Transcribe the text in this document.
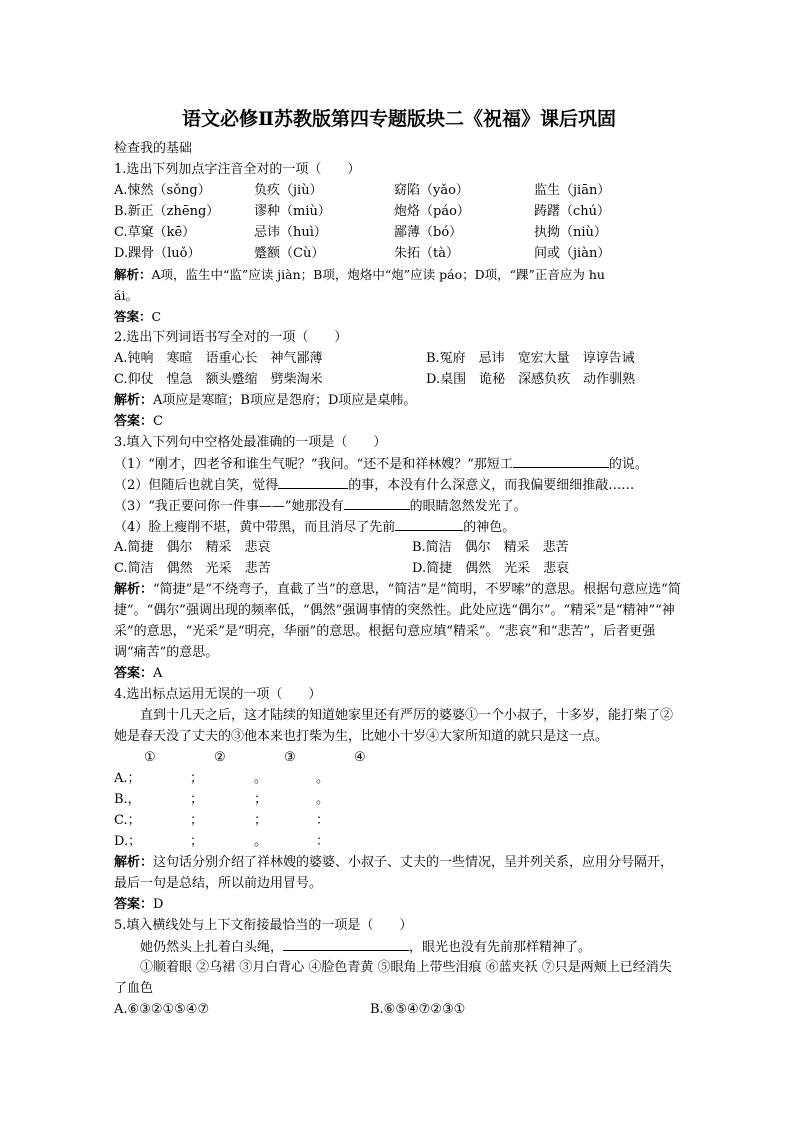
语文必修Ⅱ苏教版第四专题版块二《祝福》课后巩固
检查我的基础
1.选出下列加点字注音全对的一项（　　）
A.悚然（sǒng）	负疚（jiù）	窈陷（yǎo）	监生（jiān）
B.新正（zhēng）	谬种（miù）	炮烙（páo）	踌躇（chú）
C.草窠（kē）	忌讳（huì）	鄙薄（bó）	执拗（niù）
D.踝骨（luǒ）	蹙额（Cù）	朱拓（tà）	间或（jiàn）
解析：A项，监生中“监”应读 jiàn；B项，炮烙中“炮”应读 páo；D项，“踝”正音应为 hu
ái。
答案：C
2.选出下列词语书写全对的一项（　　）
A.钝响　寒暄　语重心长　神气鄙薄	B.冤府　忌讳　宽宏大量　谆谆告诫
C.仰仗　惶急　额头蹙缩　劈柴淘米	D.桌围　诡秘　深感负疚　动作驯熟
解析：A项应是寒暄；B项应是怨府；D项应是桌帏。
答案：C
3.填入下列句中空格处最准确的一项是（　　）
（1）“刚才，四老爷和谁生气呢？”我问。“还不是和祥林嫂？”那短工	的说。
（2）但随后也就自笑，觉得	的事，本没有什么深意义，而我偏要细细推敲……
（3）“我正要问你一件事——”她那没有	的眼睛忽然发光了。
（4）脸上瘦削不堪，黄中带黑，而且消尽了先前	的神色。
A.简捷　偶尔　精采　悲哀	B.简洁　偶尔　精采　悲苦
C.简洁　偶然　光采　悲苦	D.简捷　偶然　光采　悲哀
解析：“简捷”是“不绕弯子，直截了当”的意思，“简洁”是“简明，不罗嗦”的意思。根据句意应选“简捷”。“偶尔”强调出现的频率低，“偶然”强调事情的突然性。此处应选“偶尔”。“精采”是“精神”“神采”的意思，“光采”是“明亮，华丽”的意思。根据句意应填“精采”。“悲哀”和“悲苦”，后者更强调“痛苦”的意思。
答案：A
4.选出标点运用无误的一项（　　）
直到十几天之后，这才陆续的知道她家里还有严厉的婆婆①一个小叔子，十多岁，能打柴了②她是春天没了丈夫的③他本来也打柴为生，比她小十岁④大家所知道的就只是这一点。
①	②	③	④
A.；	；	。	。
B.，	；	；	。
C.；	；	；	：
D.；	；	。	：
解析：这句话分别介绍了祥林嫂的婆婆、小叔子、丈夫的一些情况，呈并列关系，应用分号隔开，最后一句是总结，所以前边用冒号。
答案：D
5.填入横线处与上下文衔接最恰当的一项是（　　）
她仍然头上扎着白头绳，	，眼光也没有先前那样精神了。
①顺着眼 ②乌裙 ③月白背心 ④脸色青黄 ⑤眼角上带些泪痕 ⑥蓝夹袄 ⑦只是两颊上已经消失了血色
A.⑥③②①⑤④⑦	B.⑥⑤④⑦②③①
